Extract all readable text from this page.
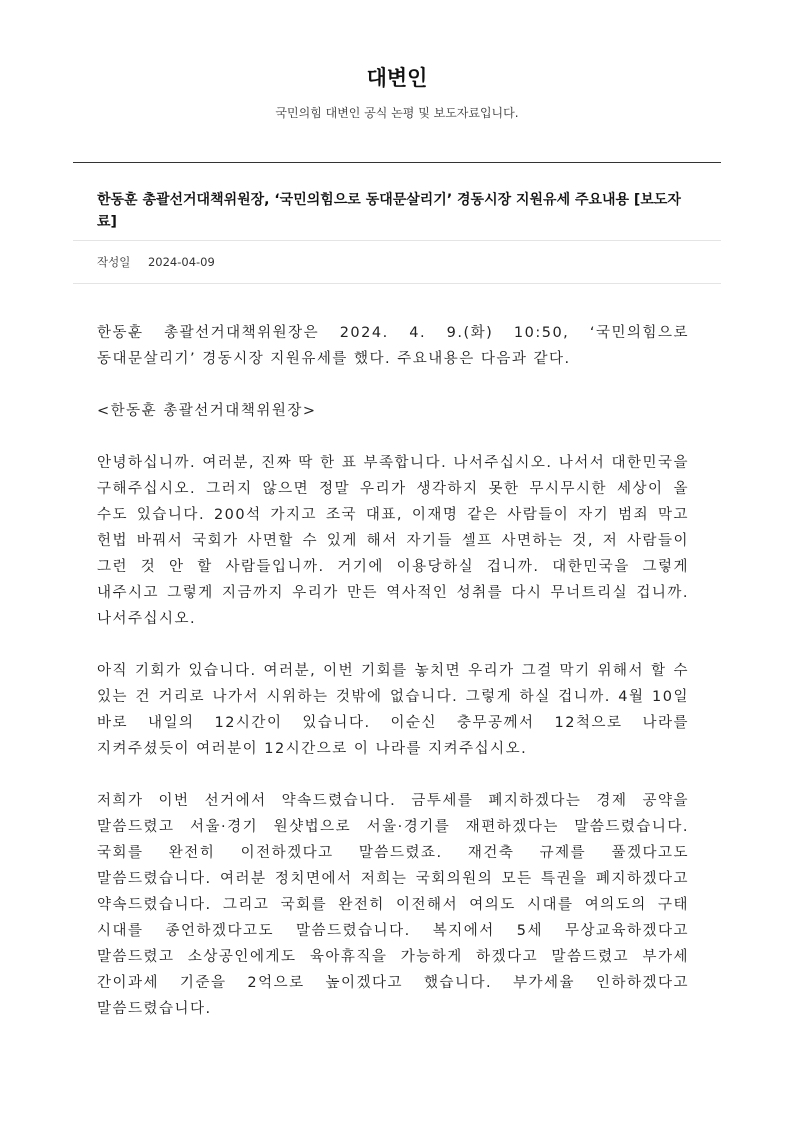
대변인
국민의힘 대변인 공식 논평 및 보도자료입니다.
한동훈 총괄선거대책위원장, ‘국민의힘으로 동대문살리기’ 경동시장 지원유세 주요내용 [보도자료]
작성일 2024-04-09

한동훈 총괄선거대책위원장은 2024. 4. 9.(화) 10:50, ‘국민의힘으로 동대문살리기’ 경동시장 지원유세를 했다. 주요내용은 다음과 같다.

<한동훈 총괄선거대책위원장>

안녕하십니까. 여러분, 진짜 딱 한 표 부족합니다. 나서주십시오. 나서서 대한민국을 구해주십시오. 그러지 않으면 정말 우리가 생각하지 못한 무시무시한 세상이 올 수도 있습니다. 200석 가지고 조국 대표, 이재명 같은 사람들이 자기 범죄 막고 헌법 바꿔서 국회가 사면할 수 있게 해서 자기들 셀프 사면하는 것, 저 사람들이 그런 것 안 할 사람들입니까. 거기에 이용당하실 겁니까. 대한민국을 그렇게 내주시고 그렇게 지금까지 우리가 만든 역사적인 성취를 다시 무너트리실 겁니까. 나서주십시오.

아직 기회가 있습니다. 여러분, 이번 기회를 놓치면 우리가 그걸 막기 위해서 할 수 있는 건 거리로 나가서 시위하는 것밖에 없습니다. 그렇게 하실 겁니까. 4월 10일 바로 내일의 12시간이 있습니다. 이순신 충무공께서 12척으로 나라를 지켜주셨듯이 여러분이 12시간으로 이 나라를 지켜주십시오.

저희가 이번 선거에서 약속드렸습니다. 금투세를 폐지하겠다는 경제 공약을 말씀드렸고 서울·경기 원샷법으로 서울·경기를 재편하겠다는 말씀드렸습니다. 국회를 완전히 이전하겠다고 말씀드렸죠. 재건축 규제를 풀겠다고도 말씀드렸습니다. 여러분 정치면에서 저희는 국회의원의 모든 특권을 폐지하겠다고 약속드렸습니다. 그리고 국회를 완전히 이전해서 여의도 시대를 여의도의 구태 시대를 종언하겠다고도 말씀드렸습니다. 복지에서 5세 무상교육하겠다고 말씀드렸고 소상공인에게도 육아휴직을 가능하게 하겠다고 말씀드렸고 부가세 간이과세 기준을 2억으로 높이겠다고 했습니다. 부가세율 인하하겠다고 말씀드렸습니다.
